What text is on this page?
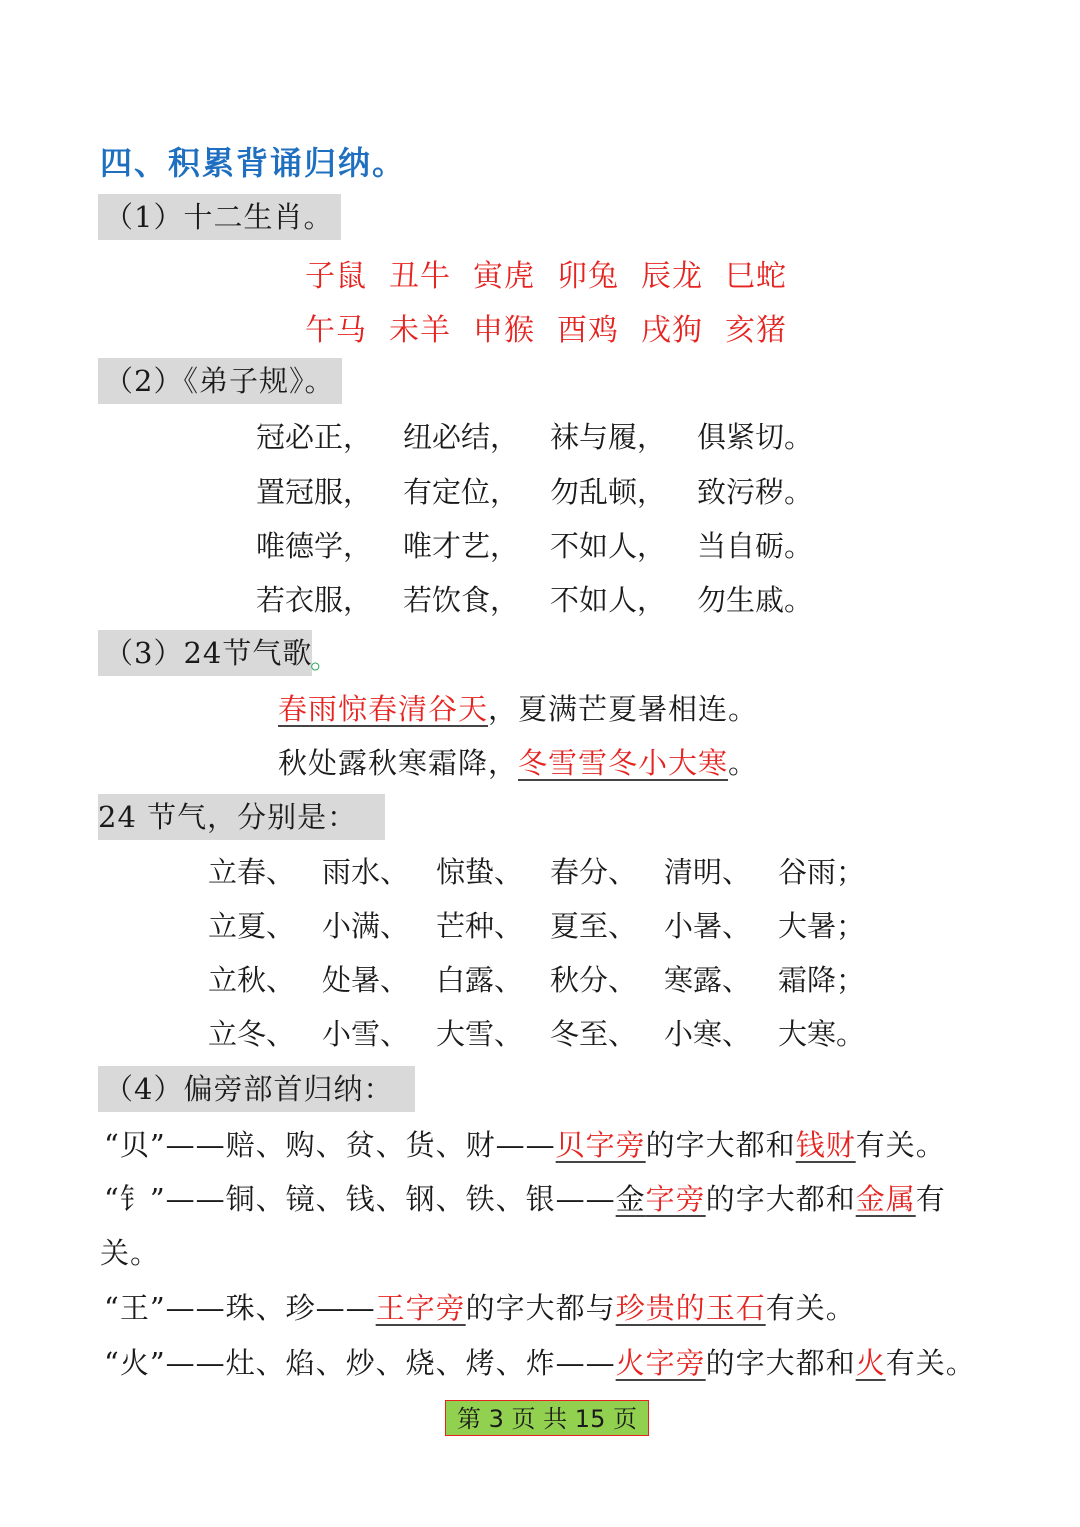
四、积累背诵归纳。
（1）十二生肖。
子鼠 丑牛 寅虎 卯兔 辰龙 巳蛇
午马 未羊 申猴 酉鸡 戌狗 亥猪
（2）《弟子规》。
冠必正， 纽必结， 袜与履， 俱紧切。
置冠服， 有定位， 勿乱顿， 致污秽。
唯德学， 唯才艺， 不如人， 当自砺。
若衣服， 若饮食， 不如人， 勿生戚。
（3）24节气歌
。
春雨惊春清谷天，夏满芒夏暑相连。
秋处露秋寒霜降，冬雪雪冬小大寒。
24 节气，分别是：
立春、 雨水、 惊蛰、 春分、 清明、 谷雨；
立夏、 小满、 芒种、 夏至、 小暑、 大暑；
立秋、 处暑、 白露、 秋分、 寒露、 霜降；
立冬、 小雪、 大雪、 冬至、 小寒、 大寒。
（4）偏旁部首归纳：
“贝”——赔、购、贫、货、财——贝字旁的字大都和钱财有关。
“钅”——铜、镜、钱、钢、铁、银——金字旁的字大都和金属有
关。
“王”——珠、珍——王字旁的字大都与珍贵的玉石有关。
“火”——灶、焰、炒、烧、烤、炸——火字旁的字大都和火有关。
第 3 页 共 15 页
